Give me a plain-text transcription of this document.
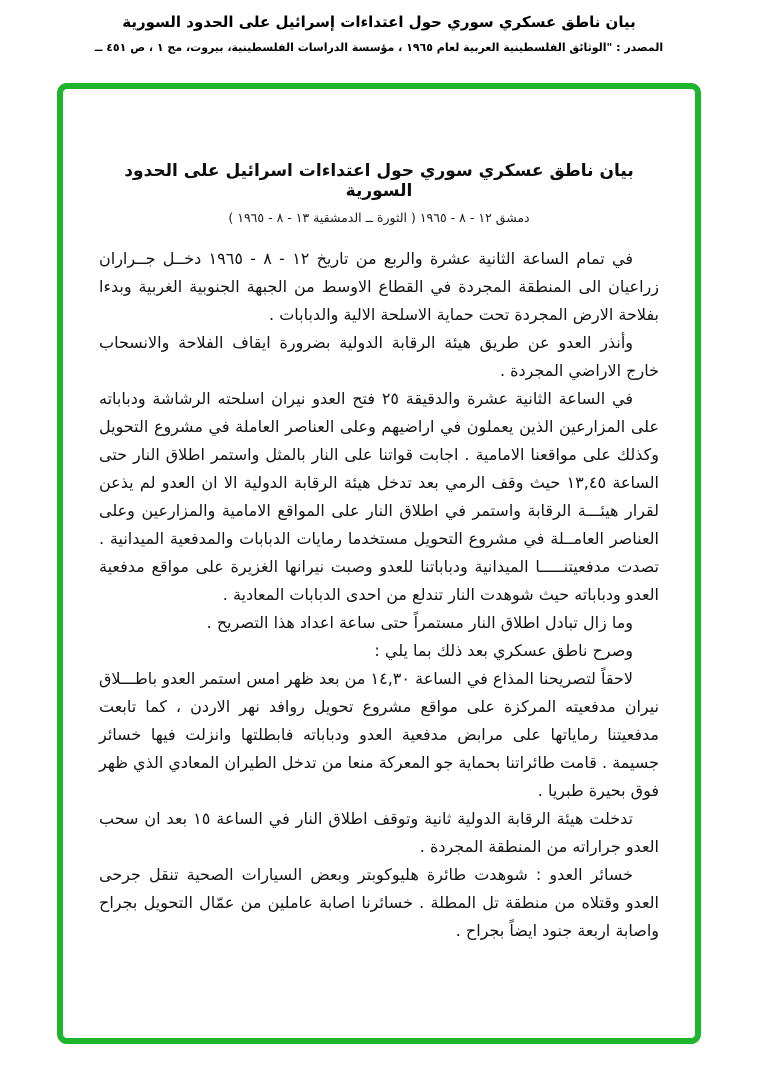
بيان ناطق عسكري سوري حول اعتداءات إسرائيل على الحدود السورية
المصدر : "الوثائق الفلسطينية العربية لعام ١٩٦٥ ، مؤسسة الدراسات الفلسطينية، بيروت، مج ١ ، ص ٤٥١ ــ
بيان ناطق عسكري سوري حول اعتداءات اسرائيل على الحدود السورية
دمشق ١٢ - ٨ - ١٩٦٥ ( الثورة ــ الدمشقية ١٣ - ٨ - ١٩٦٥ )

في تمام الساعة الثانية عشرة والربع من تاريخ ١٢ - ٨ - ١٩٦٥ دخــل جــراران زراعيان الى المنطقة المجردة في القطاع الاوسط من الجبهة الجنوبية الغربية وبدءا بفلاحة الارض المجردة تحت حماية الاسلحة الالية والدبابات .

وأنذر العدو عن طريق هيئة الرقابة الدولية بضرورة ايقاف الفلاحة والانسحاب خارج الاراضي المجردة .

في الساعة الثانية عشرة والدقيقة ٢٥ فتح العدو نيران اسلحته الرشاشة ودباباته على المزارعين الذين يعملون في اراضيهم وعلى العناصر العاملة في مشروع التحويل وكذلك على مواقعنا الامامية . اجابت قواتنا على النار بالمثل واستمر اطلاق النار حتى الساعة ١٣,٤٥ حيث وقف الرمي بعد تدخل هيئة الرقابة الدولية الا ان العدو لم يذعن لقرار هيئـــة الرقابة واستمر في اطلاق النار على المواقع الامامية والمزارعين وعلى العناصر العامــلة في مشروع التحويل مستخدما رمايات الدبابات والمدفعية الميدانية . تصدت مدفعيتنـــــا الميدانية ودباباتنا للعدو وصبت نيرانها الغزيرة على مواقع مدفعية العدو ودباباته حيث شوهدت النار تندلع من احدى الدبابات المعادية .

وما زال تبادل اطلاق النار مستمراً حتى ساعة اعداد هذا التصريح .

وصرح ناطق عسكري بعد ذلك بما يلي :

لاحقاً لتصريحنا المذاع في الساعة ١٤,٣٠ من بعد ظهر امس استمر العدو باطـــلاق نيران مدفعيته المركزة على مواقع مشروع تحويل روافد نهر الاردن ، كما تابعت مدفعيتنا رماياتها على مرابض مدفعية العدو ودباباته فابطلتها وانزلت فيها خسائر جسيمة . قامت طائراتنا بحماية جو المعركة منعا من تدخل الطيران المعادي الذي ظهر فوق بحيرة طبريا .

تدخلت هيئة الرقابة الدولية ثانية وتوقف اطلاق النار في الساعة ١٥ بعد ان سحب العدو جراراته من المنطقة المجردة .

خسائر العدو : شوهدت طائرة هليوكوبتر وبعض السيارات الصحية تنقل جرحى العدو وقتلاه من منطقة تل المطلة . خسائرنا اصابة عاملين من عمّال التحويل بجراح واصابة اربعة جنود ايضاً بجراح .
